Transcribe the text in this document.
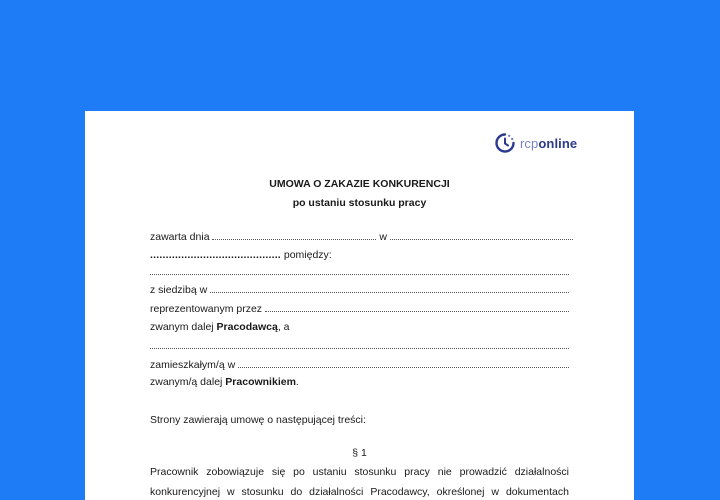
rcponline
UMOWA O ZAKAZIE KONKURENCJI
po ustaniu stosunku pracy
zawarta dnia	w
.......................................... pomiędzy:
z siedzibą w
reprezentowanym przez
zwanym dalej Pracodawcą, a
zamieszkałym/ą w
zwanym/ą dalej Pracownikiem.
Strony zawierają umowę o następującej treści:
§ 1
Pracownik zobowiązuje się po ustaniu stosunku pracy nie prowadzić działalności
konkurencyjnej w stosunku do działalności Pracodawcy, określonej w dokumentach
